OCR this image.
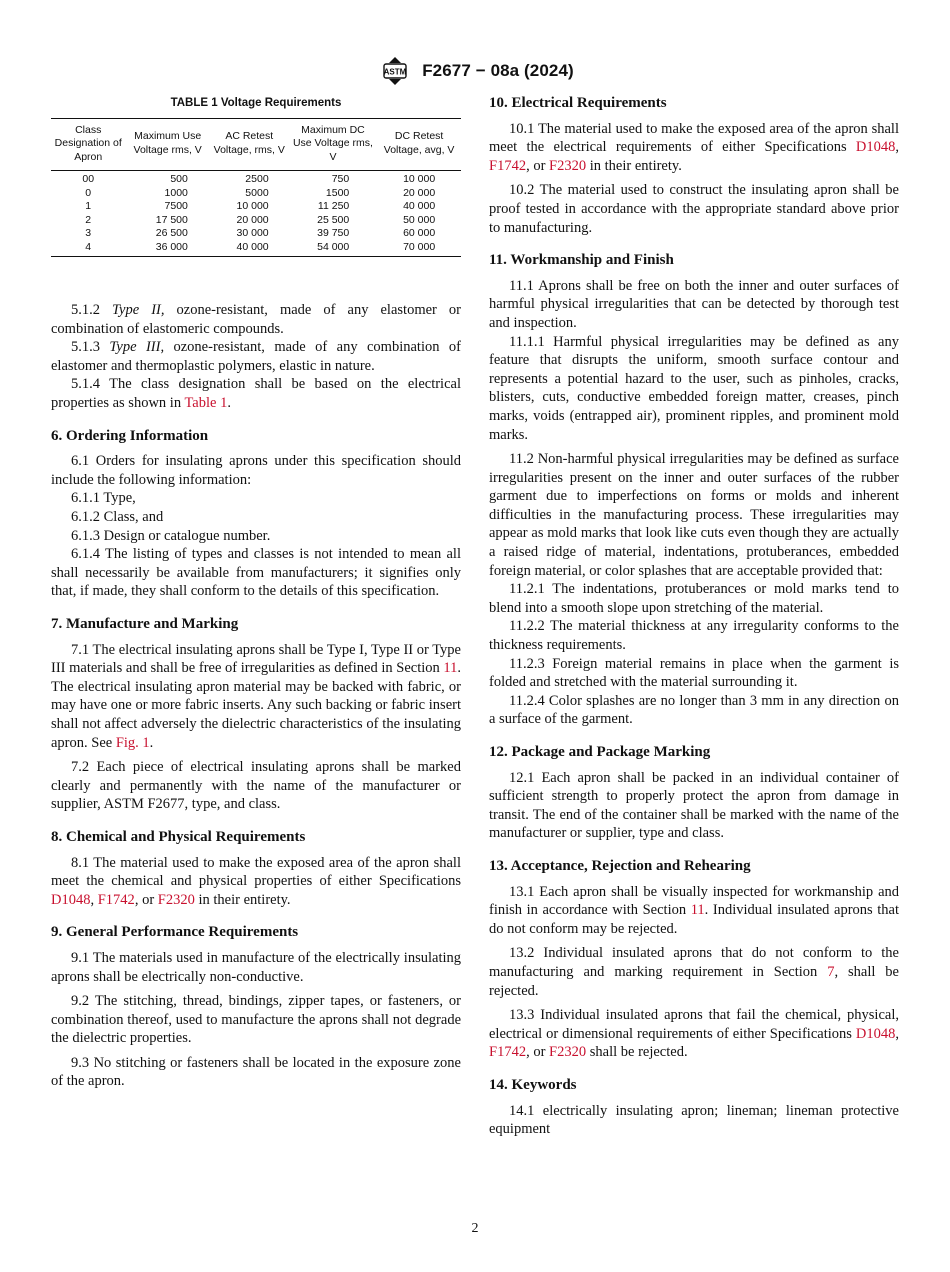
ASTM F2677 − 08a (2024)
TABLE 1 Voltage Requirements
Class Designation of Apron	Maximum Use Voltage rms, V	AC Retest Voltage, rms, V	Maximum DC Use Voltage rms, V	DC Retest Voltage, avg, V
00	500	2500	750	10 000
0	1000	5000	1500	20 000
1	7500	10 000	11 250	40 000
2	17 500	20 000	25 500	50 000
3	26 500	30 000	39 750	60 000
4	36 000	40 000	54 000	70 000

5.1.2 Type II, ozone-resistant, made of any elastomer or combination of elastomeric compounds.

5.1.3 Type III, ozone-resistant, made of any combination of elastomer and thermoplastic polymers, elastic in nature.

5.1.4 The class designation shall be based on the electrical properties as shown in Table 1.

6. Ordering Information

6.1 Orders for insulating aprons under this specification should include the following information:

6.1.1 Type,

6.1.2 Class, and

6.1.3 Design or catalogue number.

6.1.4 The listing of types and classes is not intended to mean all shall necessarily be available from manufacturers; it signifies only that, if made, they shall conform to the details of this specification.

7. Manufacture and Marking

7.1 The electrical insulating aprons shall be Type I, Type II or Type III materials and shall be free of irregularities as defined in Section 11. The electrical insulating apron material may be backed with fabric, or may have one or more fabric inserts. Any such backing or fabric insert shall not affect adversely the dielectric characteristics of the insulating apron. See Fig. 1.

7.2 Each piece of electrical insulating aprons shall be marked clearly and permanently with the name of the manufacturer or supplier, ASTM F2677, type, and class.

8. Chemical and Physical Requirements

8.1 The material used to make the exposed area of the apron shall meet the chemical and physical properties of either Specifications D1048, F1742, or F2320 in their entirety.

9. General Performance Requirements

9.1 The materials used in manufacture of the electrically insulating aprons shall be electrically non-conductive.

9.2 The stitching, thread, bindings, zipper tapes, or fasteners, or combination thereof, used to manufacture the aprons shall not degrade the dielectric properties.

9.3 No stitching or fasteners shall be located in the exposure zone of the apron.

10. Electrical Requirements

10.1 The material used to make the exposed area of the apron shall meet the electrical requirements of either Specifications D1048, F1742, or F2320 in their entirety.

10.2 The material used to construct the insulating apron shall be proof tested in accordance with the appropriate standard above prior to manufacturing.

11. Workmanship and Finish

11.1 Aprons shall be free on both the inner and outer surfaces of harmful physical irregularities that can be detected by thorough test and inspection.

11.1.1 Harmful physical irregularities may be defined as any feature that disrupts the uniform, smooth surface contour and represents a potential hazard to the user, such as pinholes, cracks, blisters, cuts, conductive embedded foreign matter, creases, pinch marks, voids (entrapped air), prominent ripples, and prominent mold marks.

11.2 Non-harmful physical irregularities may be defined as surface irregularities present on the inner and outer surfaces of the rubber garment due to imperfections on forms or molds and inherent difficulties in the manufacturing process. These irregularities may appear as mold marks that look like cuts even though they are actually a raised ridge of material, indentations, protuberances, embedded foreign material, or color splashes that are acceptable provided that:

11.2.1 The indentations, protuberances or mold marks tend to blend into a smooth slope upon stretching of the material.

11.2.2 The material thickness at any irregularity conforms to the thickness requirements.

11.2.3 Foreign material remains in place when the garment is folded and stretched with the material surrounding it.

11.2.4 Color splashes are no longer than 3 mm in any direction on a surface of the garment.

12. Package and Package Marking

12.1 Each apron shall be packed in an individual container of sufficient strength to properly protect the apron from damage in transit. The end of the container shall be marked with the name of the manufacturer or supplier, type and class.

13. Acceptance, Rejection and Rehearing

13.1 Each apron shall be visually inspected for workmanship and finish in accordance with Section 11. Individual insulated aprons that do not conform may be rejected.

13.2 Individual insulated aprons that do not conform to the manufacturing and marking requirement in Section 7, shall be rejected.

13.3 Individual insulated aprons that fail the chemical, physical, electrical or dimensional requirements of either Specifications D1048, F1742, or F2320 shall be rejected.

14. Keywords

14.1 electrically insulating apron; lineman; lineman protective equipment

2
